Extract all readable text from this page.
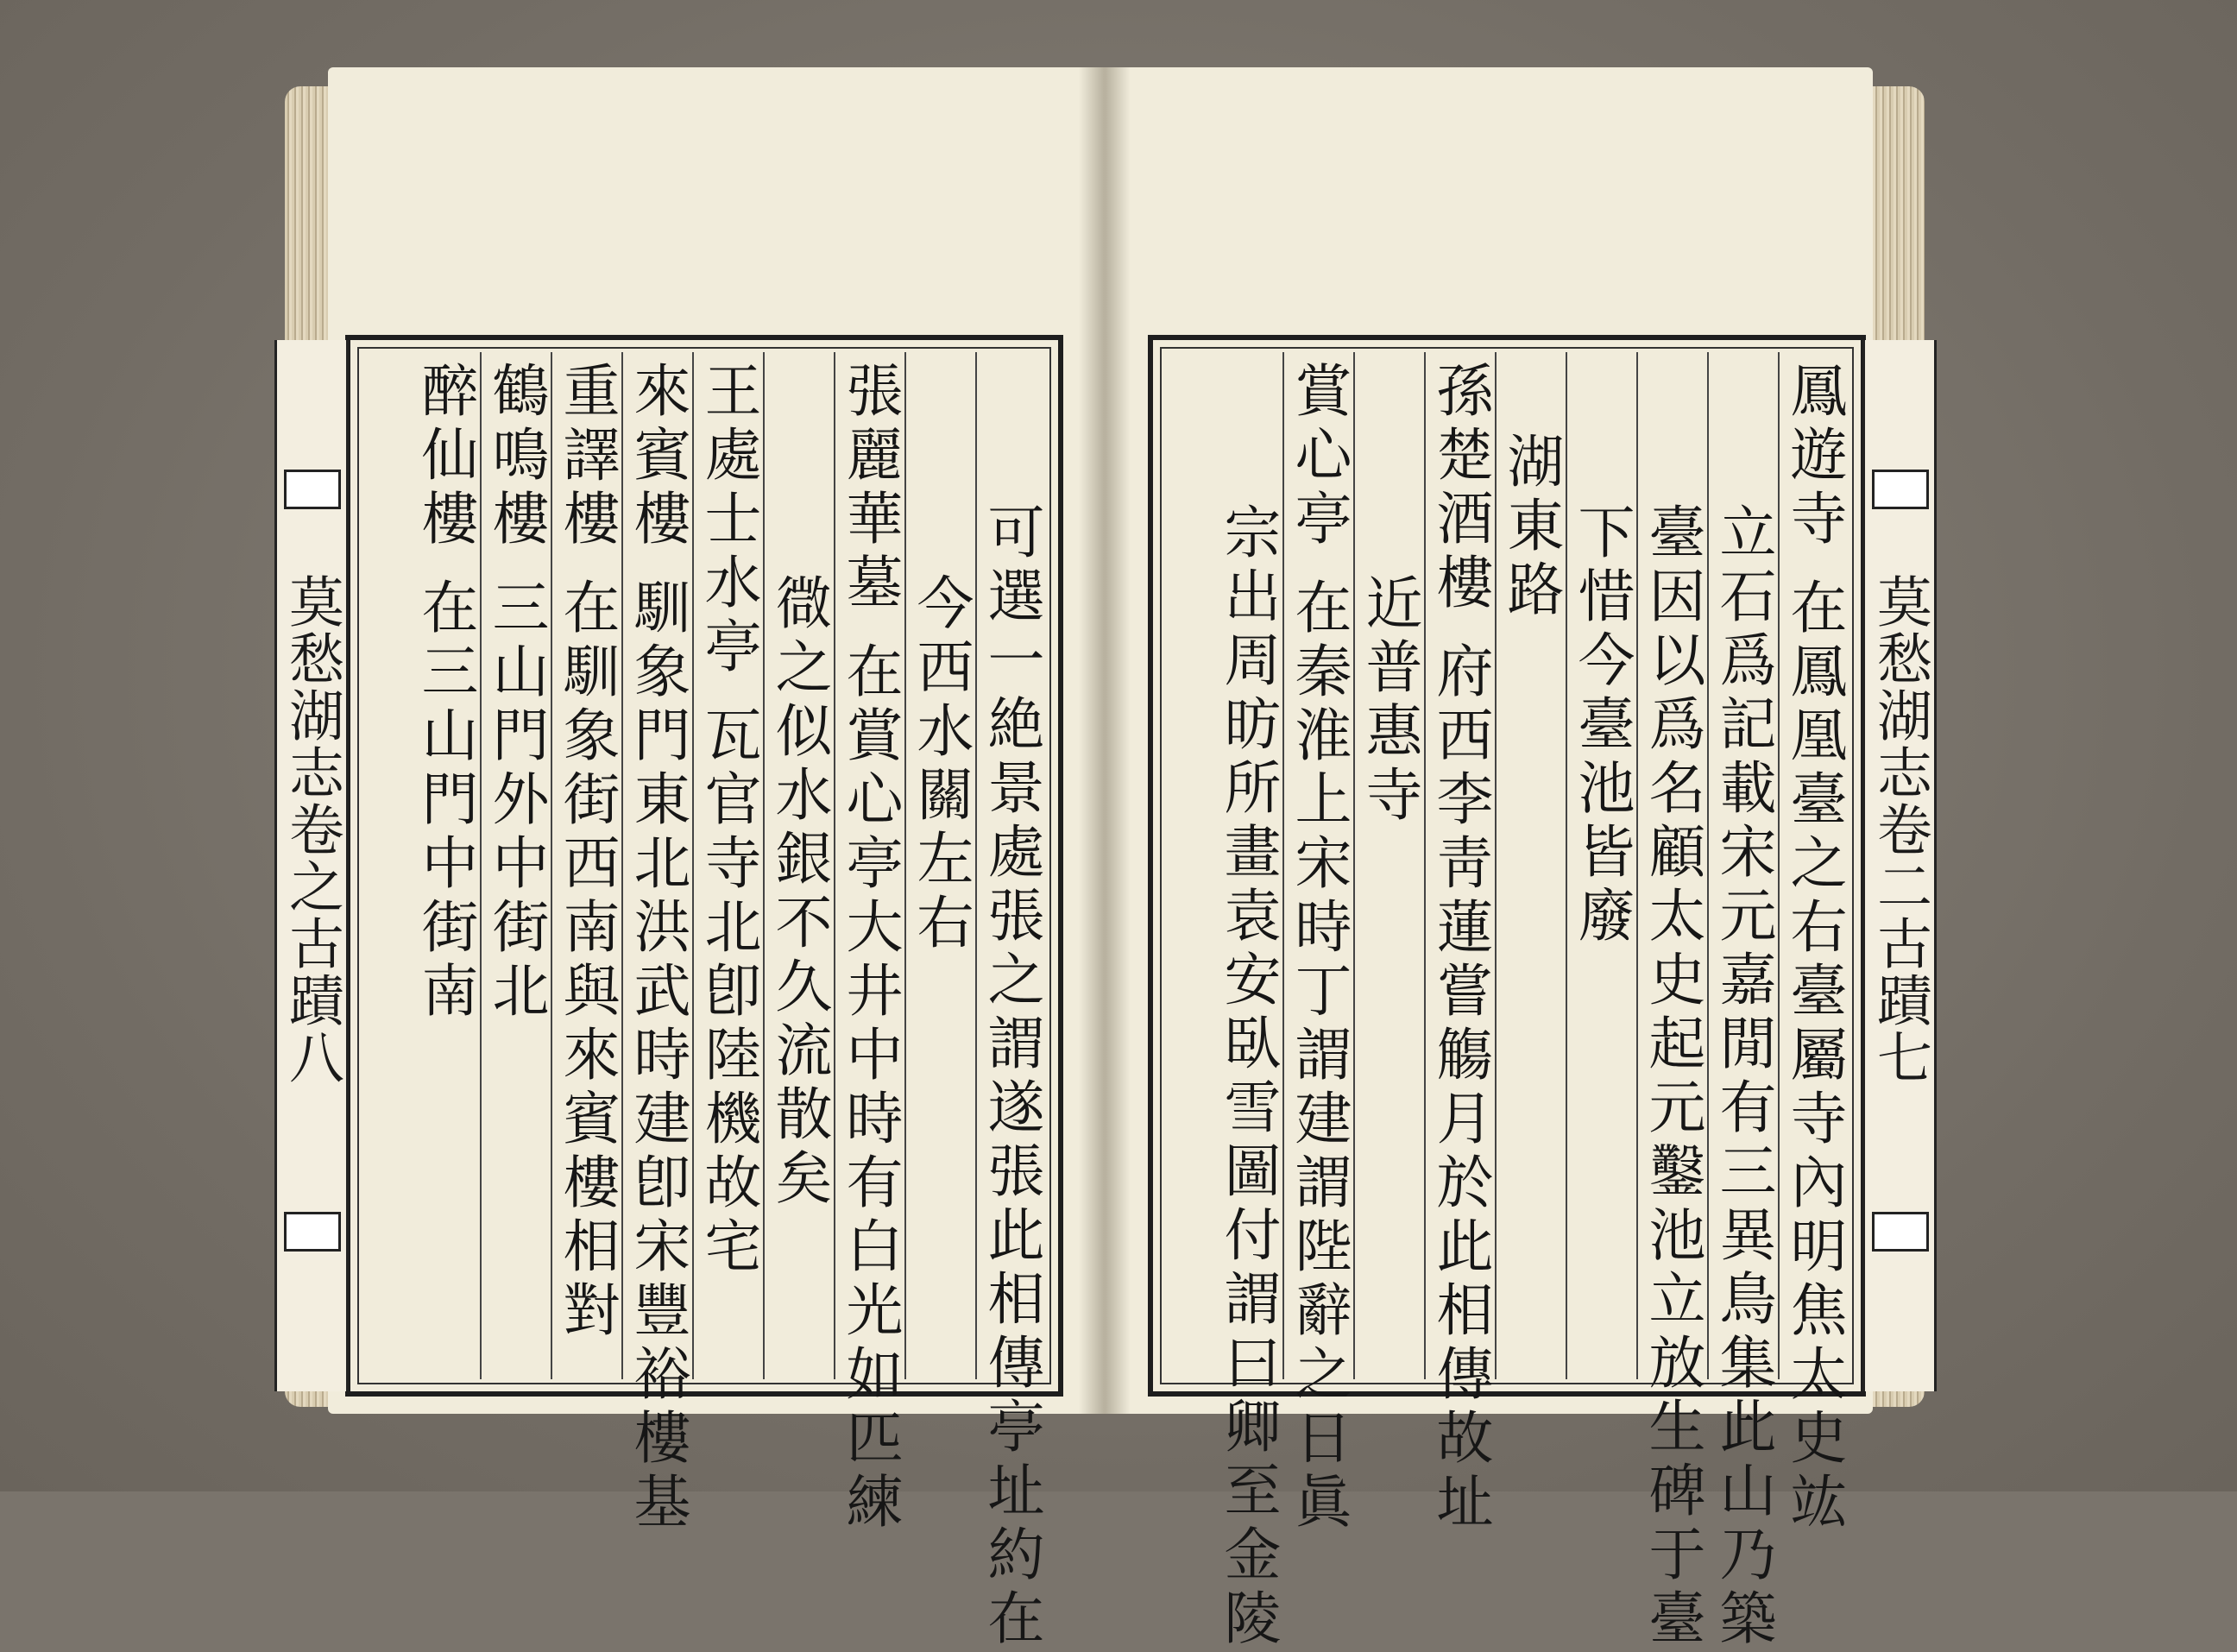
莫愁湖志卷之古蹟八	可選一絶景處張之謂遂張此相傳亭址約在
今西水關左右
張麗華墓 在賞心亭大井中時有白光如匹練
㣲之似水銀不久流散矣
王處士水亭 瓦官寺北卽陸機故宅
來賓樓 馴象門東北洪武時建卽宋豐裕樓基
重譯樓 在馴象街西南與來賓樓相對
鶴鳴樓 三山門外中街北
醉仙樓 在三山門中街南	莫愁湖志卷二古蹟七
鳳遊寺 在鳳凰臺之右臺屬寺內明焦太史竑
立石爲記載宋元嘉閒有三異鳥集此山乃築
臺因以爲名顧太史起元鑿池立放生碑于臺
下惜今臺池皆廢
湖東路
孫楚酒樓 府西李靑蓮嘗觴月於此相傳故址
近普惠寺
賞心亭 在秦淮上宋時丁謂建謂陛辭之日眞
宗出周昉所畫袁安臥雪圖付謂曰卿至金陵
